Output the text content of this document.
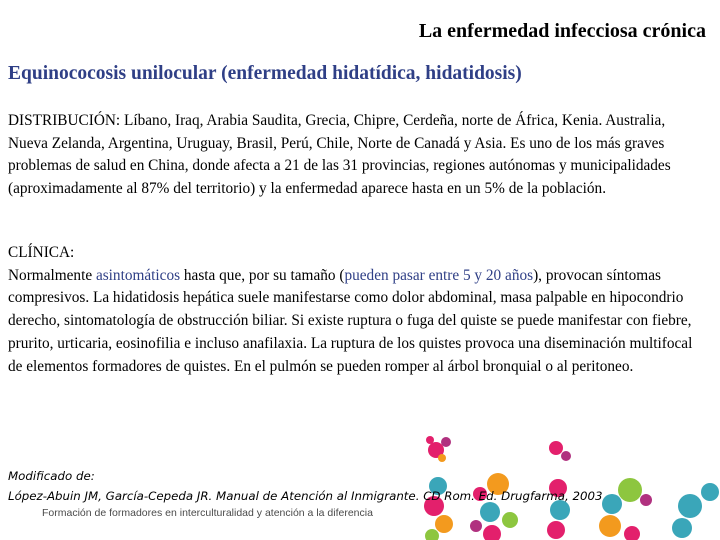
La enfermedad infecciosa crónica
Equinococosis unilocular (enfermedad hidatídica, hidatidosis)

DISTRIBUCIÓN: Líbano, Iraq, Arabia Saudita, Grecia, Chipre, Cerdeña, norte de África, Kenia. Australia, Nueva Zelanda, Argentina, Uruguay, Brasil, Perú, Chile, Norte de Canadá y Asia. Es uno de los más graves problemas de salud en China, donde afecta a 21 de las 31 provincias, regiones autónomas y municipalidades (aproximadamente al 87% del territorio) y la enfermedad aparece hasta en un 5% de la población.

CLÍNICA:
Normalmente asintomáticos hasta que, por su tamaño (pueden pasar entre 5 y 20 años), provocan síntomas compresivos. La hidatidosis hepática suele manifestarse como dolor abdominal, masa palpable en hipocondrio derecho, sintomatología de obstrucción biliar. Si existe ruptura o fuga del quiste se puede manifestar con fiebre, prurito, urticaria, eosinofilia e incluso anafilaxia. La ruptura de los quistes provoca una diseminación multifocal de elementos formadores de quistes. En el pulmón se pueden romper al árbol bronquial o al peritoneo.

Modificado de:
López-Abuin JM, García-Cepeda JR. Manual de Atención al Inmigrante. CD Rom. Ed. Drugfarma, 2003
Formación de formadores en interculturalidad y atención a la diferencia
